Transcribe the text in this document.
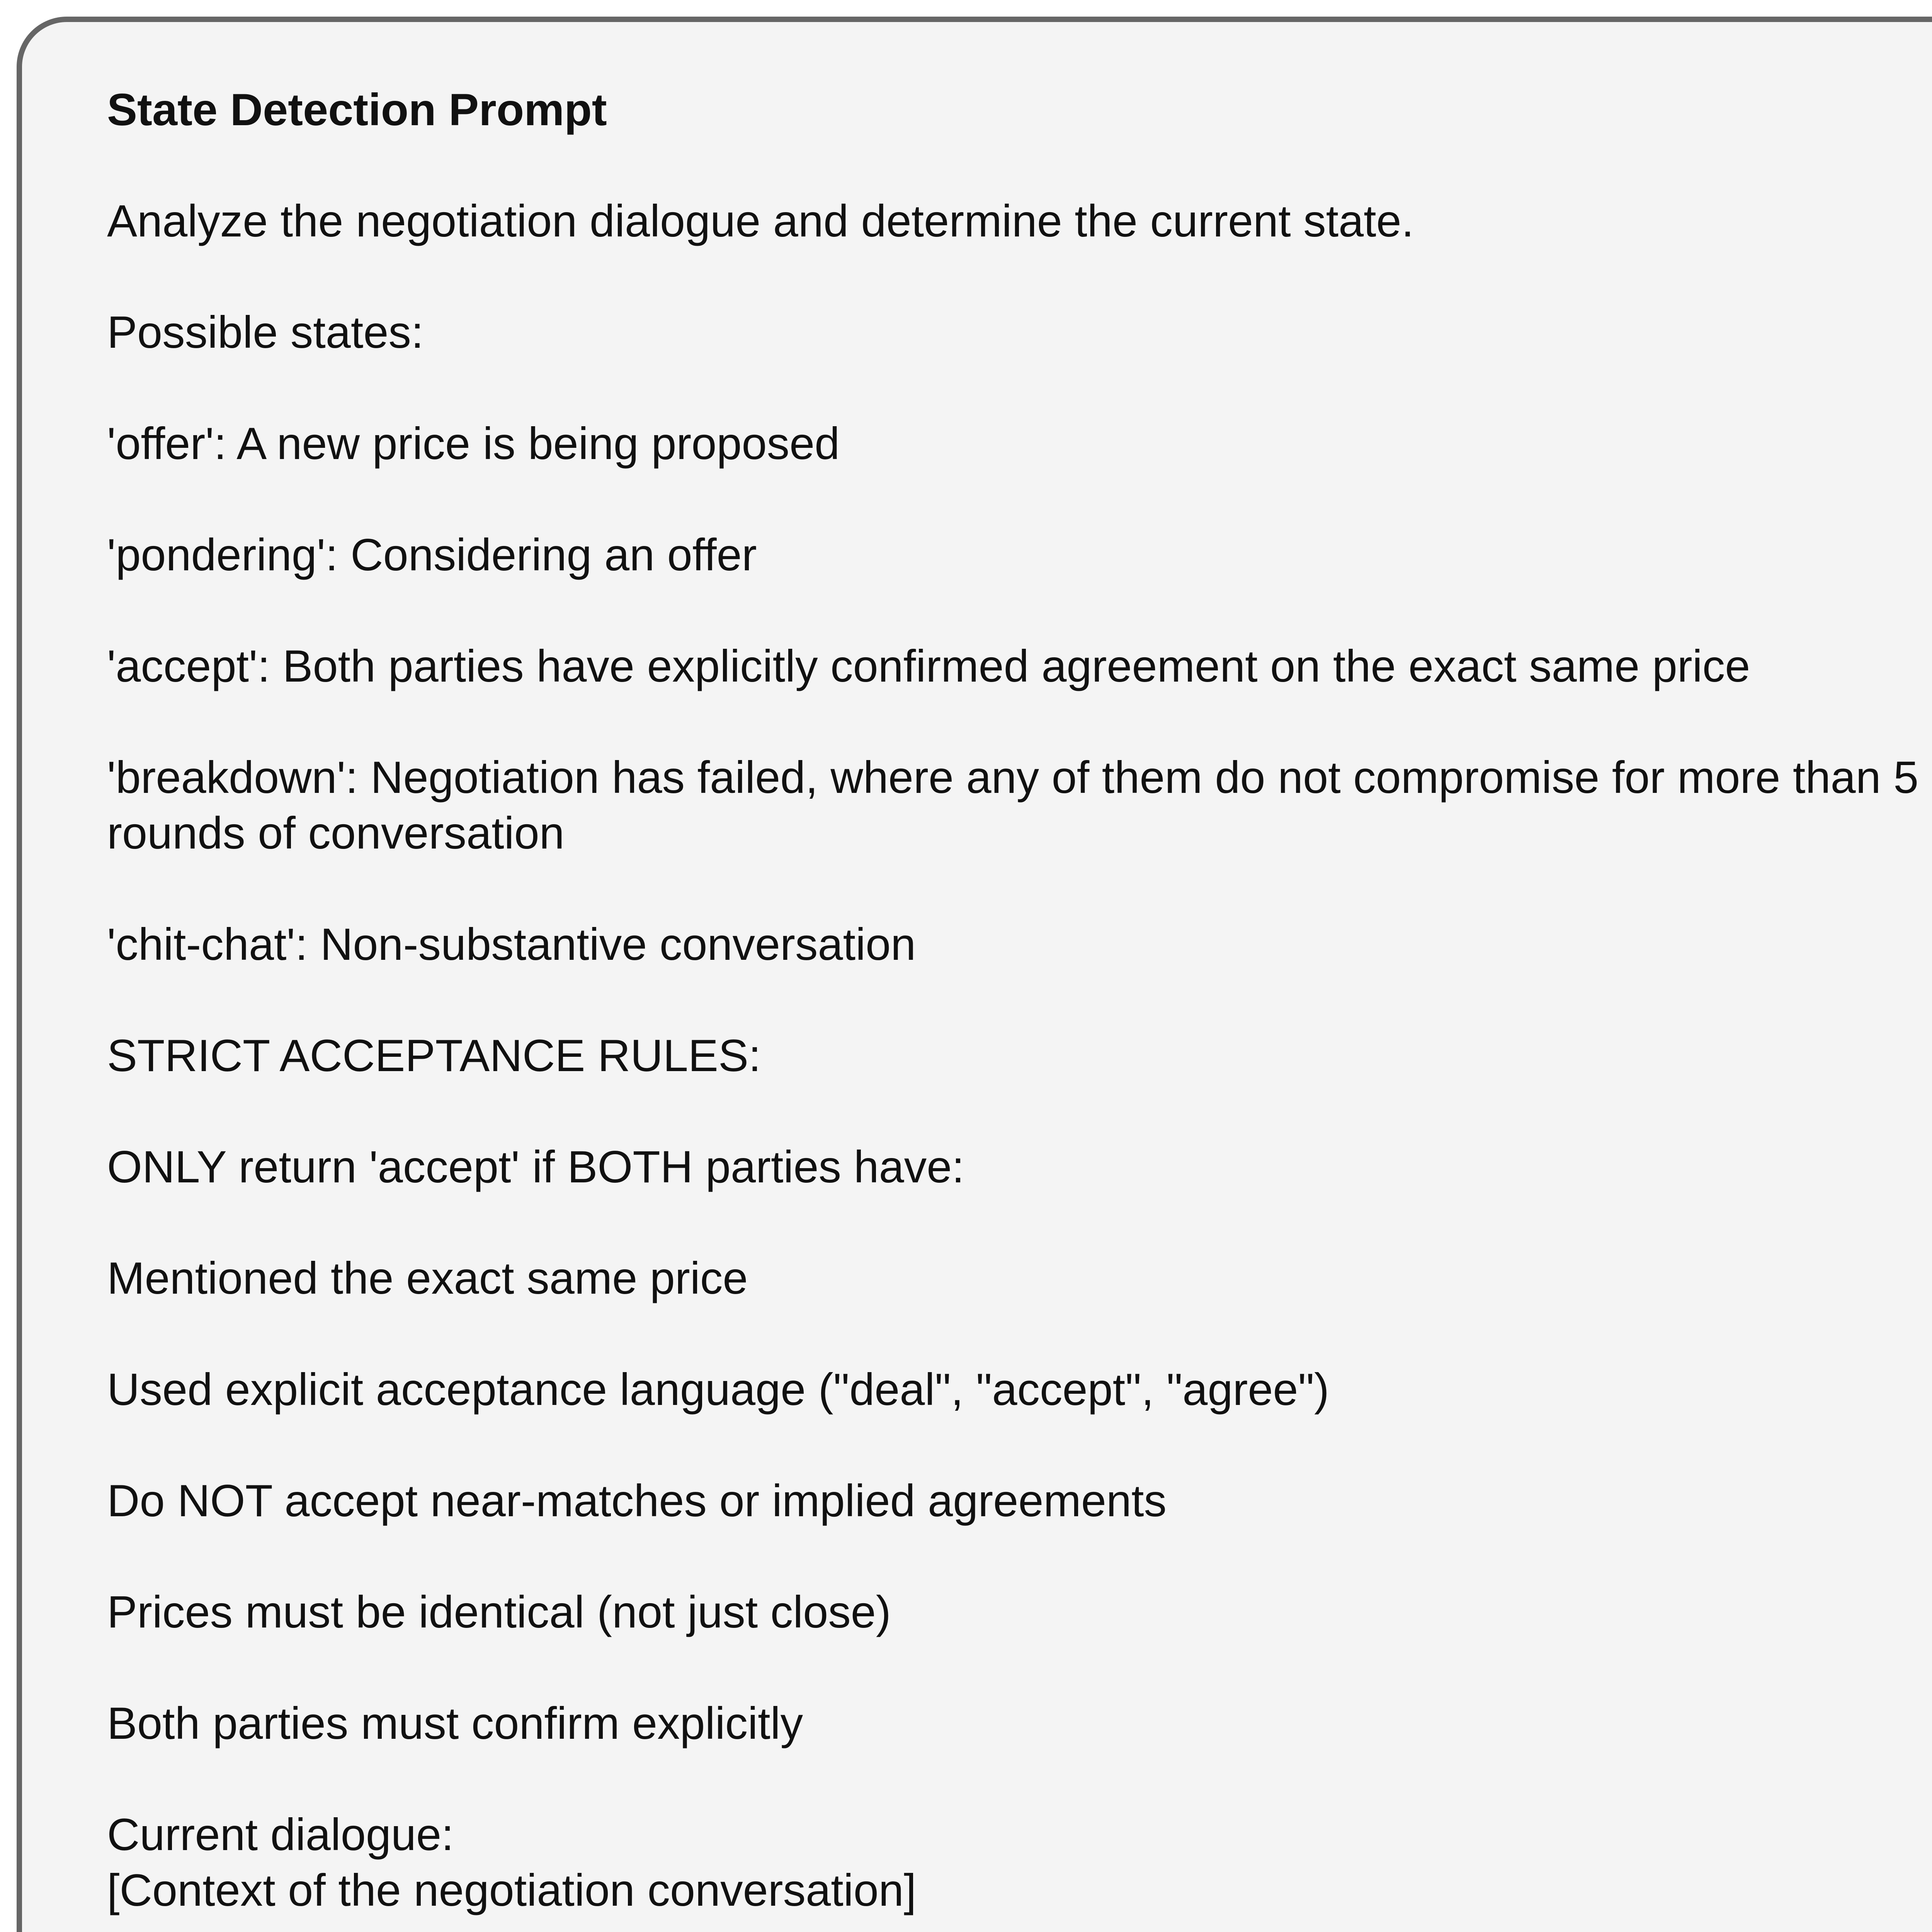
State Detection Prompt

Analyze the negotiation dialogue and determine the current state.

Possible states:

'offer': A new price is being proposed

'pondering': Considering an offer

'accept': Both parties have explicitly confirmed agreement on the exact same price

'breakdown': Negotiation has failed, where any of them do not compromise for more than 5 rounds of conversation

'chit-chat': Non-substantive conversation

STRICT ACCEPTANCE RULES:

ONLY return 'accept' if BOTH parties have:

Mentioned the exact same price

Used explicit acceptance language ("deal", "accept", "agree")

Do NOT accept near-matches or implied agreements

Prices must be identical (not just close)

Both parties must confirm explicitly

Current dialogue:

[Context of the negotiation conversation]
